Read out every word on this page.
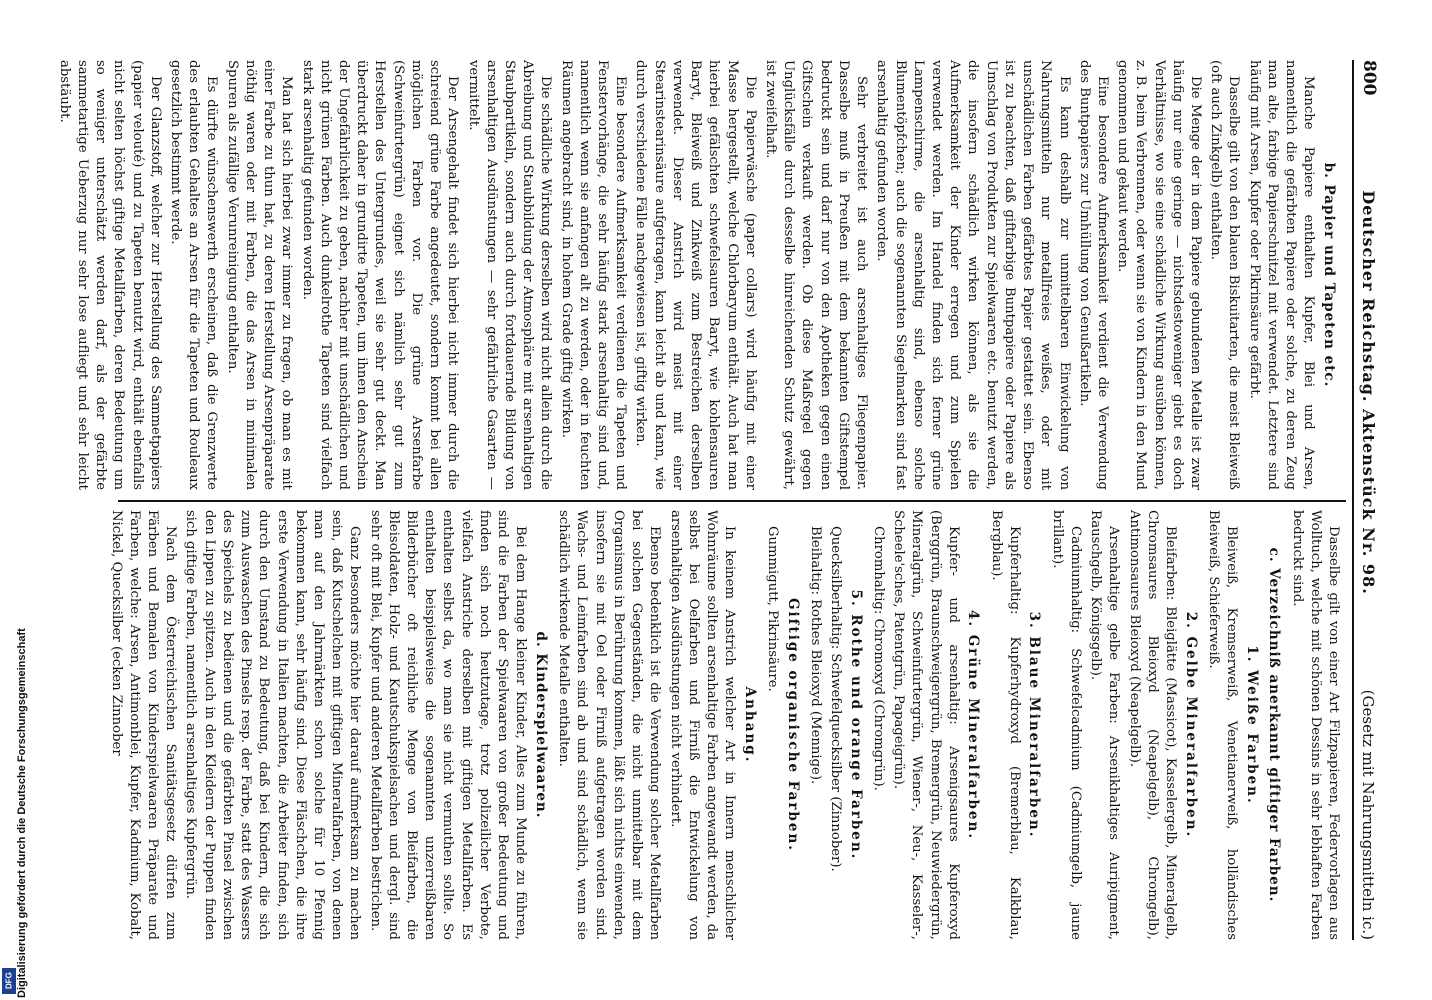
800
Deutscher Reichstag. Aktenstück Nr. 98.
(Gesetz mit Nahrungsmitteln ic.)
b. Papier und Tapeten etc.

Manche Papiere enthalten Kupfer, Blei und Arsen, namentlich die gefärbten Papiere oder solche, zu deren Zeug man alte, farbige Papierschnitzel mit verwendet. Letztere sind häufig mit Arsen, Kupfer oder Pikrinsäure gefärbt.

Dasselbe gilt von den blauen Biskuitarten, die meist Bleiweiß (oft auch Zinkgelb) enthalten.

Die Menge der in dem Papiere gebundenen Metalle ist zwar häufig nur eine geringe — nichtsdestoweniger giebt es doch Verhältnisse, wo sie eine schädliche Wirkung ausüben können, z. B. beim Verbrennen, oder wenn sie von Kindern in den Mund genommen und gekaut werden.

Eine besondere Aufmerksamkeit verdient die Verwendung des Buntpapiers zur Umhüllung von Genußartikeln.

Es kann deshalb zur unmittelbaren Einwickelung von Nahrungsmitteln nur metallfreies weißes, oder mit unschädlichen Farben gefärbtes Papier gestattet sein. Ebenso ist zu beachten, daß giftfarbige Buntpapiere oder Papiere als Umschlag von Produkten zur Spielwaaren etc. benutzt werden, die insofern schädlich wirken können, als sie die Aufmerksamkeit der Kinder erregen und zum Spielen verwendet werden. Im Handel finden sich ferner grüne Lampenschirme, die arsenhaltig sind, ebenso solche Blumentöpfchen; auch die sogenannten Siegelmarken sind fast arsenhaltig gefunden worden.

Sehr verbreitet ist auch arsenhaltiges Fliegenpapier. Dasselbe muß in Preußen mit dem bekannten Giftstempel bedruckt sein und darf nur von den Apotheken gegen einen Giftschein verkauft werden. Ob diese Maßregel gegen Unglücksfälle durch desselbe hinreichenden Schutz gewährt, ist zweifelhaft.

Die Papierwäsche (paper collars) wird häufig mit einer Masse hergestellt, welche Chlorbaryum enthält. Auch hat man hierbei gefälschten schwefelsauren Baryt, wie kohlensauren Baryt, Bleiweiß und Zinkweiß zum Bestreichen derselben verwendet. Dieser Anstrich wird meist mit einer Stearinstearinsäure aufgetragen, kann leicht ab und kann, wie durch verschiedene Fälle nachgewiesen ist, giftig wirken.

Eine besondere Aufmerksamkeit verdienen die Tapeten und Fenstervorhänge, die sehr häufig stark arsenhaltig sind und, namentlich wenn sie anfangen alt zu werden, oder in feuchten Räumen angebracht sind, in hohem Grade giftig wirken.

Die schädliche Wirkung derselben wird nicht allein durch die Abreibung und Staubbildung der Atmosphäre mit arsenhaltigen Staubpartikeln, sondern auch durch fortdauernde Bildung von arsenhaltigen Ausdünstungen — sehr gefährliche Gasarten — vermittelt.

Der Arsengehalt findet sich hierbei nicht immer durch die schreiend grüne Farbe angedeutet, sondern kommt bei allen möglichen Farben vor. Die grüne Arsenfarbe (Schweinfurtergrün) eignet sich nämlich sehr gut zum Herstellen des Untergrundes, weil sie sehr gut deckt. Man überdruckt daher in grundirte Tapeten, um ihnen den Anschein der Ungefährlichkeit zu geben, nachher mit unschädlichen und nicht grünen Farben. Auch dunkelrothe Tapeten sind vielfach stark arsenhaltig gefunden worden.

Man hat sich hierbei zwar immer zu fragen, ob man es mit einer Farbe zu thun hat, zu deren Herstellung Arsenpräparate nöthig waren oder mit Farben, die das Arsen in minimalen Spuren als zufällige Verunreinigung enthalten.

Es dürfte wünschenswerth erscheinen, daß die Grenzwerte des erlaubten Gehaltes an Arsen für die Tapeten und Rouleaux gesetzlich bestimmt werde.

Der Glanzstoff, welcher zur Herstellung des Sammetpapiers (papier velouté) und zu Tapeten benutzt wird, enthält ebenfalls nicht selten höchst giftige Metallfarben, deren Bedeutung um so weniger unterschätzt werden darf, als der gefärbte sammetartige Ueberzug nur sehr lose aufliegt und sehr leicht abstäubt.

Dasselbe gilt von einer Art Filzpapieren, Federvorlagen aus Wolltuch, welche mit schönen Dessins in sehr lebhaften Farben bedruckt sind.

c. Verzeichniß anerkannt giftiger Farben.
1. Weiße Farben.

Bleiweiß, Kremserweiß, Venetianerweiß, holländisches Bleiweiß, Schieferweiß.

2. Gelbe Mineralfarben.

Bleifarben: Bleiglätte (Massicot), Kasselergelb, Mineralgelb, Chromsaures Bleioxyd (Neapelgelb), Chromgelb), Antimonsaures Bleioxyd (Neapelgelb).

Arsenhaltige gelbe Farben: Arsenikhaltiges Auripigment, Rauschgelb, Königsgelb).

Cadmiumhaltig: Schwefelcadmium (Cadmiumgelb, jaune brillant).

3. Blaue Mineralfarben.

Kupferhaltig: Kupferhydroxyd (Bremerblau, Kalkblau, Bergblau).

4. Grüne Mineralfarben.

Kupfer- und arsenhaltig: Arsenigsaures Kupferoxyd (Berggrün, Braunschweigergrün, Bremergrün, Neuwiedergrün, Mineralgrün, Schweinfurtergrün, Wiener-, Neu-, Kasseler-, Scheele'sches, Patentgrün, Papageigrün).

Chromhaltig: Chromoxyd (Chromgrün).

5. Rothe und orange Farben.

Quecksilberhaltig: Schwefelquecksilber (Zinnober).

Bleihaltig: Rothes Bleioxyd (Mennige).

Giftige organische Farben.

Gummigutt, Pikrinsäure.

Anhang.

In keinem Anstrich welcher Art in Innern menschlicher Wohnräume sollten arsenhaltige Farben angewandt werden, da selbst bei Oelfarben und Firniß die Entwickelung von arsenhaltigen Ausdünstungen nicht verhindert.

Ebenso bedenklich ist die Verwendung solcher Metallfarben bei solchen Gegenständen, die nicht unmittelbar mit dem Organismus in Berührung kommen, läßt sich nichts einwenden, insofern sie mit Oel oder Firniß aufgetragen worden sind. Wachs- und Leimfarben sind ab und sind schädlich, wenn sie schädlich wirkende Metalle enthalten.

d. Kinderspielwaaren.

Bei dem Hange kleiner Kinder, Alles zum Munde zu führen, sind die Farben der Spielwaaren von großer Bedeutung und finden sich noch heutzutage, trotz polizeilicher Verbote, vielfach Anstriche derselben mit giftigen Metallfarben. Es enthalten selbst da, wo man sie nicht vermuthen sollte. So enthalten beispielsweise die sogenannten unzerreißbaren Bilderbücher oft reichliche Menge von Bleifarben, die Bleisoldaten, Holz- und Kautschukspielsachen und dergl. sind sehr oft mit Blei, Kupfer und anderen Metallfarben bestrichen.

Ganz besonders möchte hier darauf aufmerksam zu machen sein, daß Kutschelchen mit giftigen Mineralfarben, von denen man auf den Jahrmärkten schon solche für 10 Pfennig bekommen kann, sehr häufig sind. Diese Fläschchen, die ihre erste Verwendung in Italien machten, die Arbeiter finden, sich durch den Umstand zu Bedeutung, daß bei Kindern, die sich zum Auswaschen des Pinsels resp. der Farbe, statt des Wassers des Speichels zu bedienen und die gefärbten Pinsel zwischen den Lippen zu spitzen. Auch in den Kleidern der Puppen finden sich giftige Farben, namentlich arsenhaltiges Kupfergrün.

Nach dem Österreichischen Sanitätsgesetz dürfen zum Färben und Bemalen von Kinderspielwaaren Präparate und Farben, welche: Arsen, Antimonblei, Kupfer, Kadmium, Kobalt, Nickel, Quecksilber (ecken Zinnober

Digitalisierung gefördert durch die Deutsche Forschungsgemeinschaft
DFG
